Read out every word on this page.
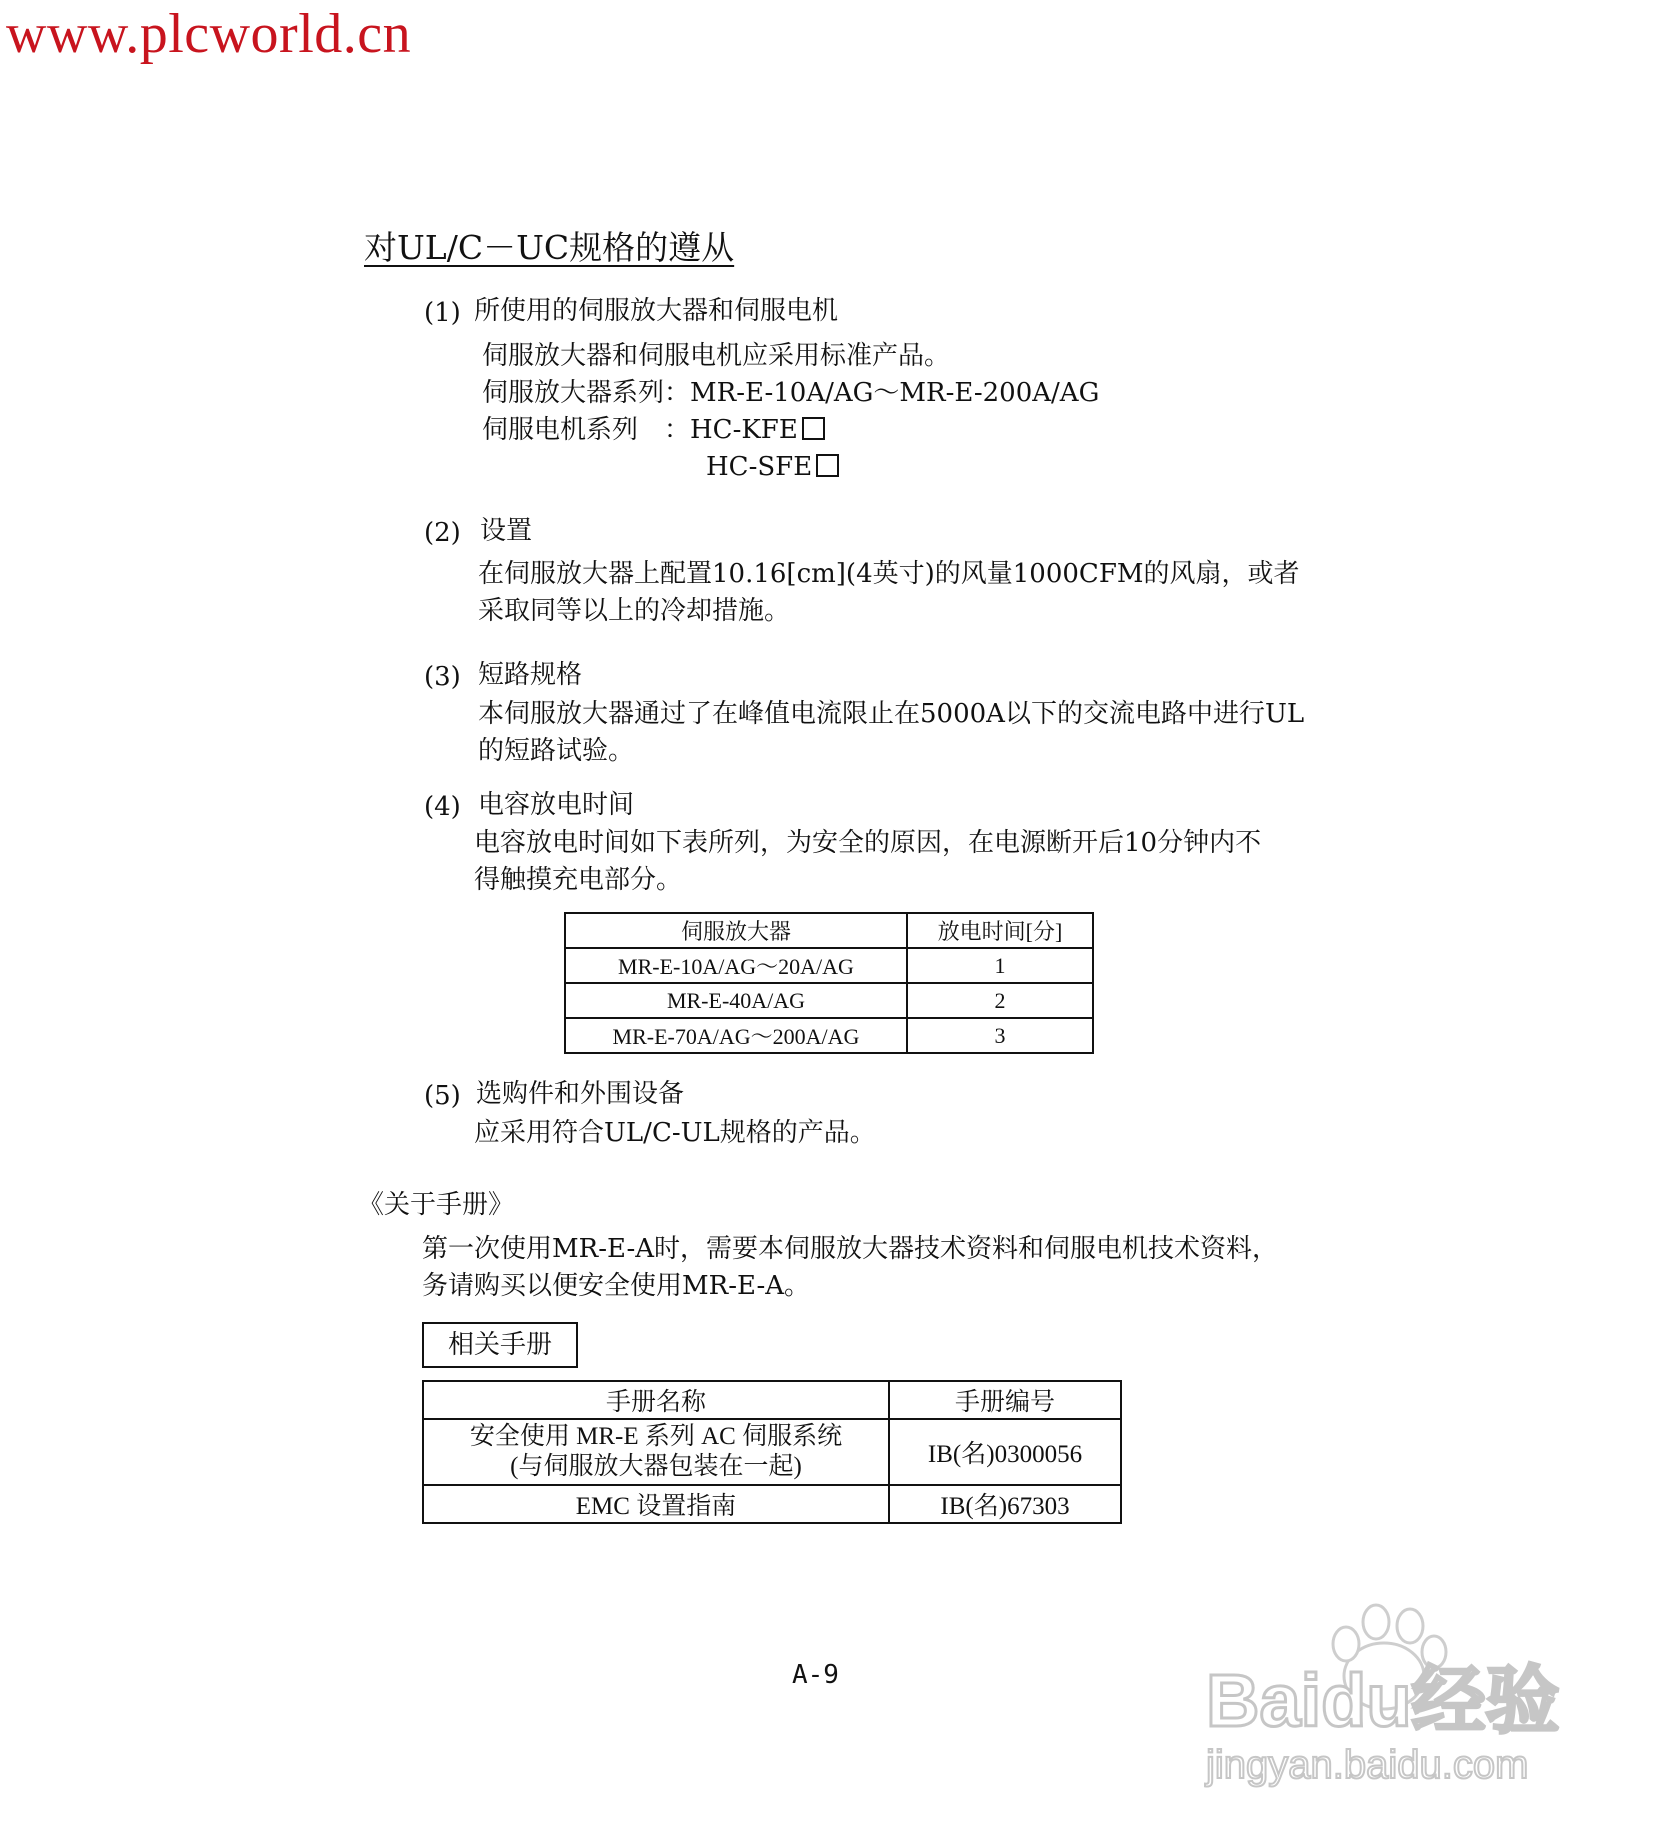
www.plcworld.cn
对UL/C－UC规格的遵从
(1) 所使用的伺服放大器和伺服电机
伺服放大器和伺服电机应采用标准产品。
伺服放大器系列：MR-E-10A/AG～MR-E-200A/AG
伺服电机系列　：HC-KFE
HC-SFE
(2) 设置
在伺服放大器上配置10.16[cm](4英寸)的风量1000CFM的风扇，或者
采取同等以上的冷却措施。
(3) 短路规格
本伺服放大器通过了在峰值电流限止在5000A以下的交流电路中进行UL
的短路试验。
(4) 电容放电时间
电容放电时间如下表所列，为安全的原因，在电源断开后10分钟内不
得触摸充电部分。
伺服放大器	放电时间[分]
MR-E-10A/AG～20A/AG	1
MR-E-40A/AG	2
MR-E-70A/AG～200A/AG	3
(5) 选购件和外围设备
应采用符合UL/C-UL规格的产品。
《关于手册》
第一次使用MR-E-A时，需要本伺服放大器技术资料和伺服电机技术资料，
务请购买以便安全使用MR-E-A。
相关手册
手册名称	手册编号

安全使用 MR-E 系列 AC 伺服系统
(与伺服放大器包装在一起)	IB(名)0300056
EMC 设置指南	IB(名)67303
A-9	Baidu经验
jingyan.baidu.com
